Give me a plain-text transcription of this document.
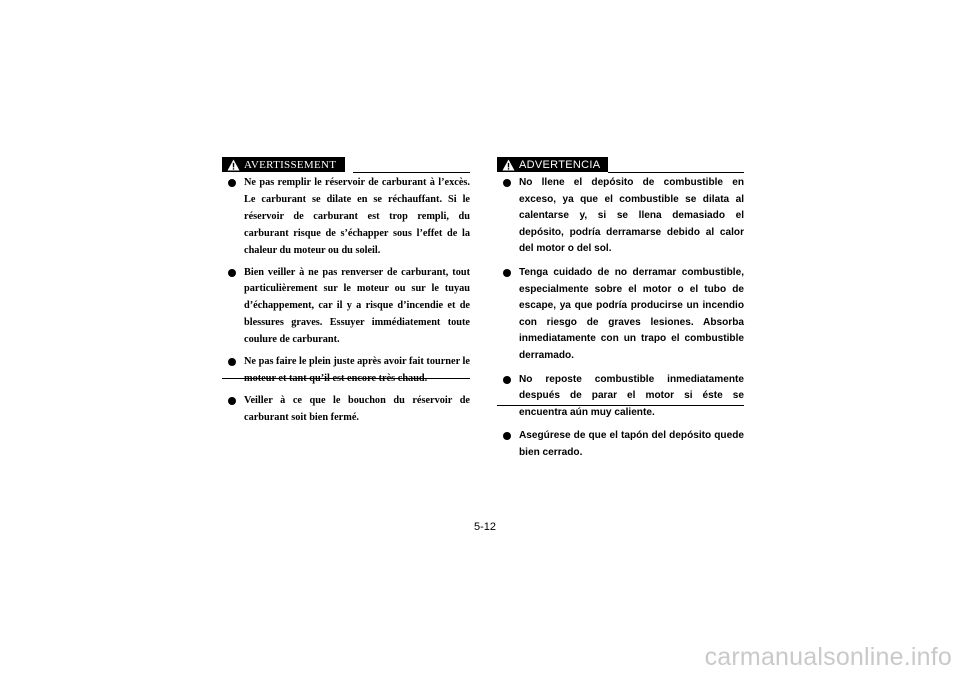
AVERTISSEMENT
Ne pas remplir le réservoir de carburant à l’excès. Le carburant se dilate en se réchauffant. Si le réservoir de carburant est trop rempli, du carburant risque de s’échapper sous l’effet de la chaleur du moteur ou du soleil.
Bien veiller à ne pas renverser de carburant, tout particulièrement sur le moteur ou sur le tuyau d’échappement, car il y a risque d’incendie et de blessures graves. Essuyer immédiatement toute coulure de carburant.
Ne pas faire le plein juste après avoir fait tourner le
Veiller à ce que le bouchon du réservoir de carburant soit bien fermé.
ADVERTENCIA
No llene el depósito de combustible en exceso, ya que el combustible se dilata al calentarse y, si se llena demasiado el depósito, podría derramarse debido al calor del motor o del sol.
Tenga cuidado de no derramar combustible, especialmente sobre el motor o el tubo de escape, ya que podría producirse un incendio con riesgo de graves lesiones. Absorba inmediatamente con un trapo el combustible derramado.
No reposte combustible inmediatamente después de parar el motor si éste se encuentra aún muy caliente.
Asegúrese de que el tapón del depósito quede bien cerrado.
5-12
carmanualsonline.info
